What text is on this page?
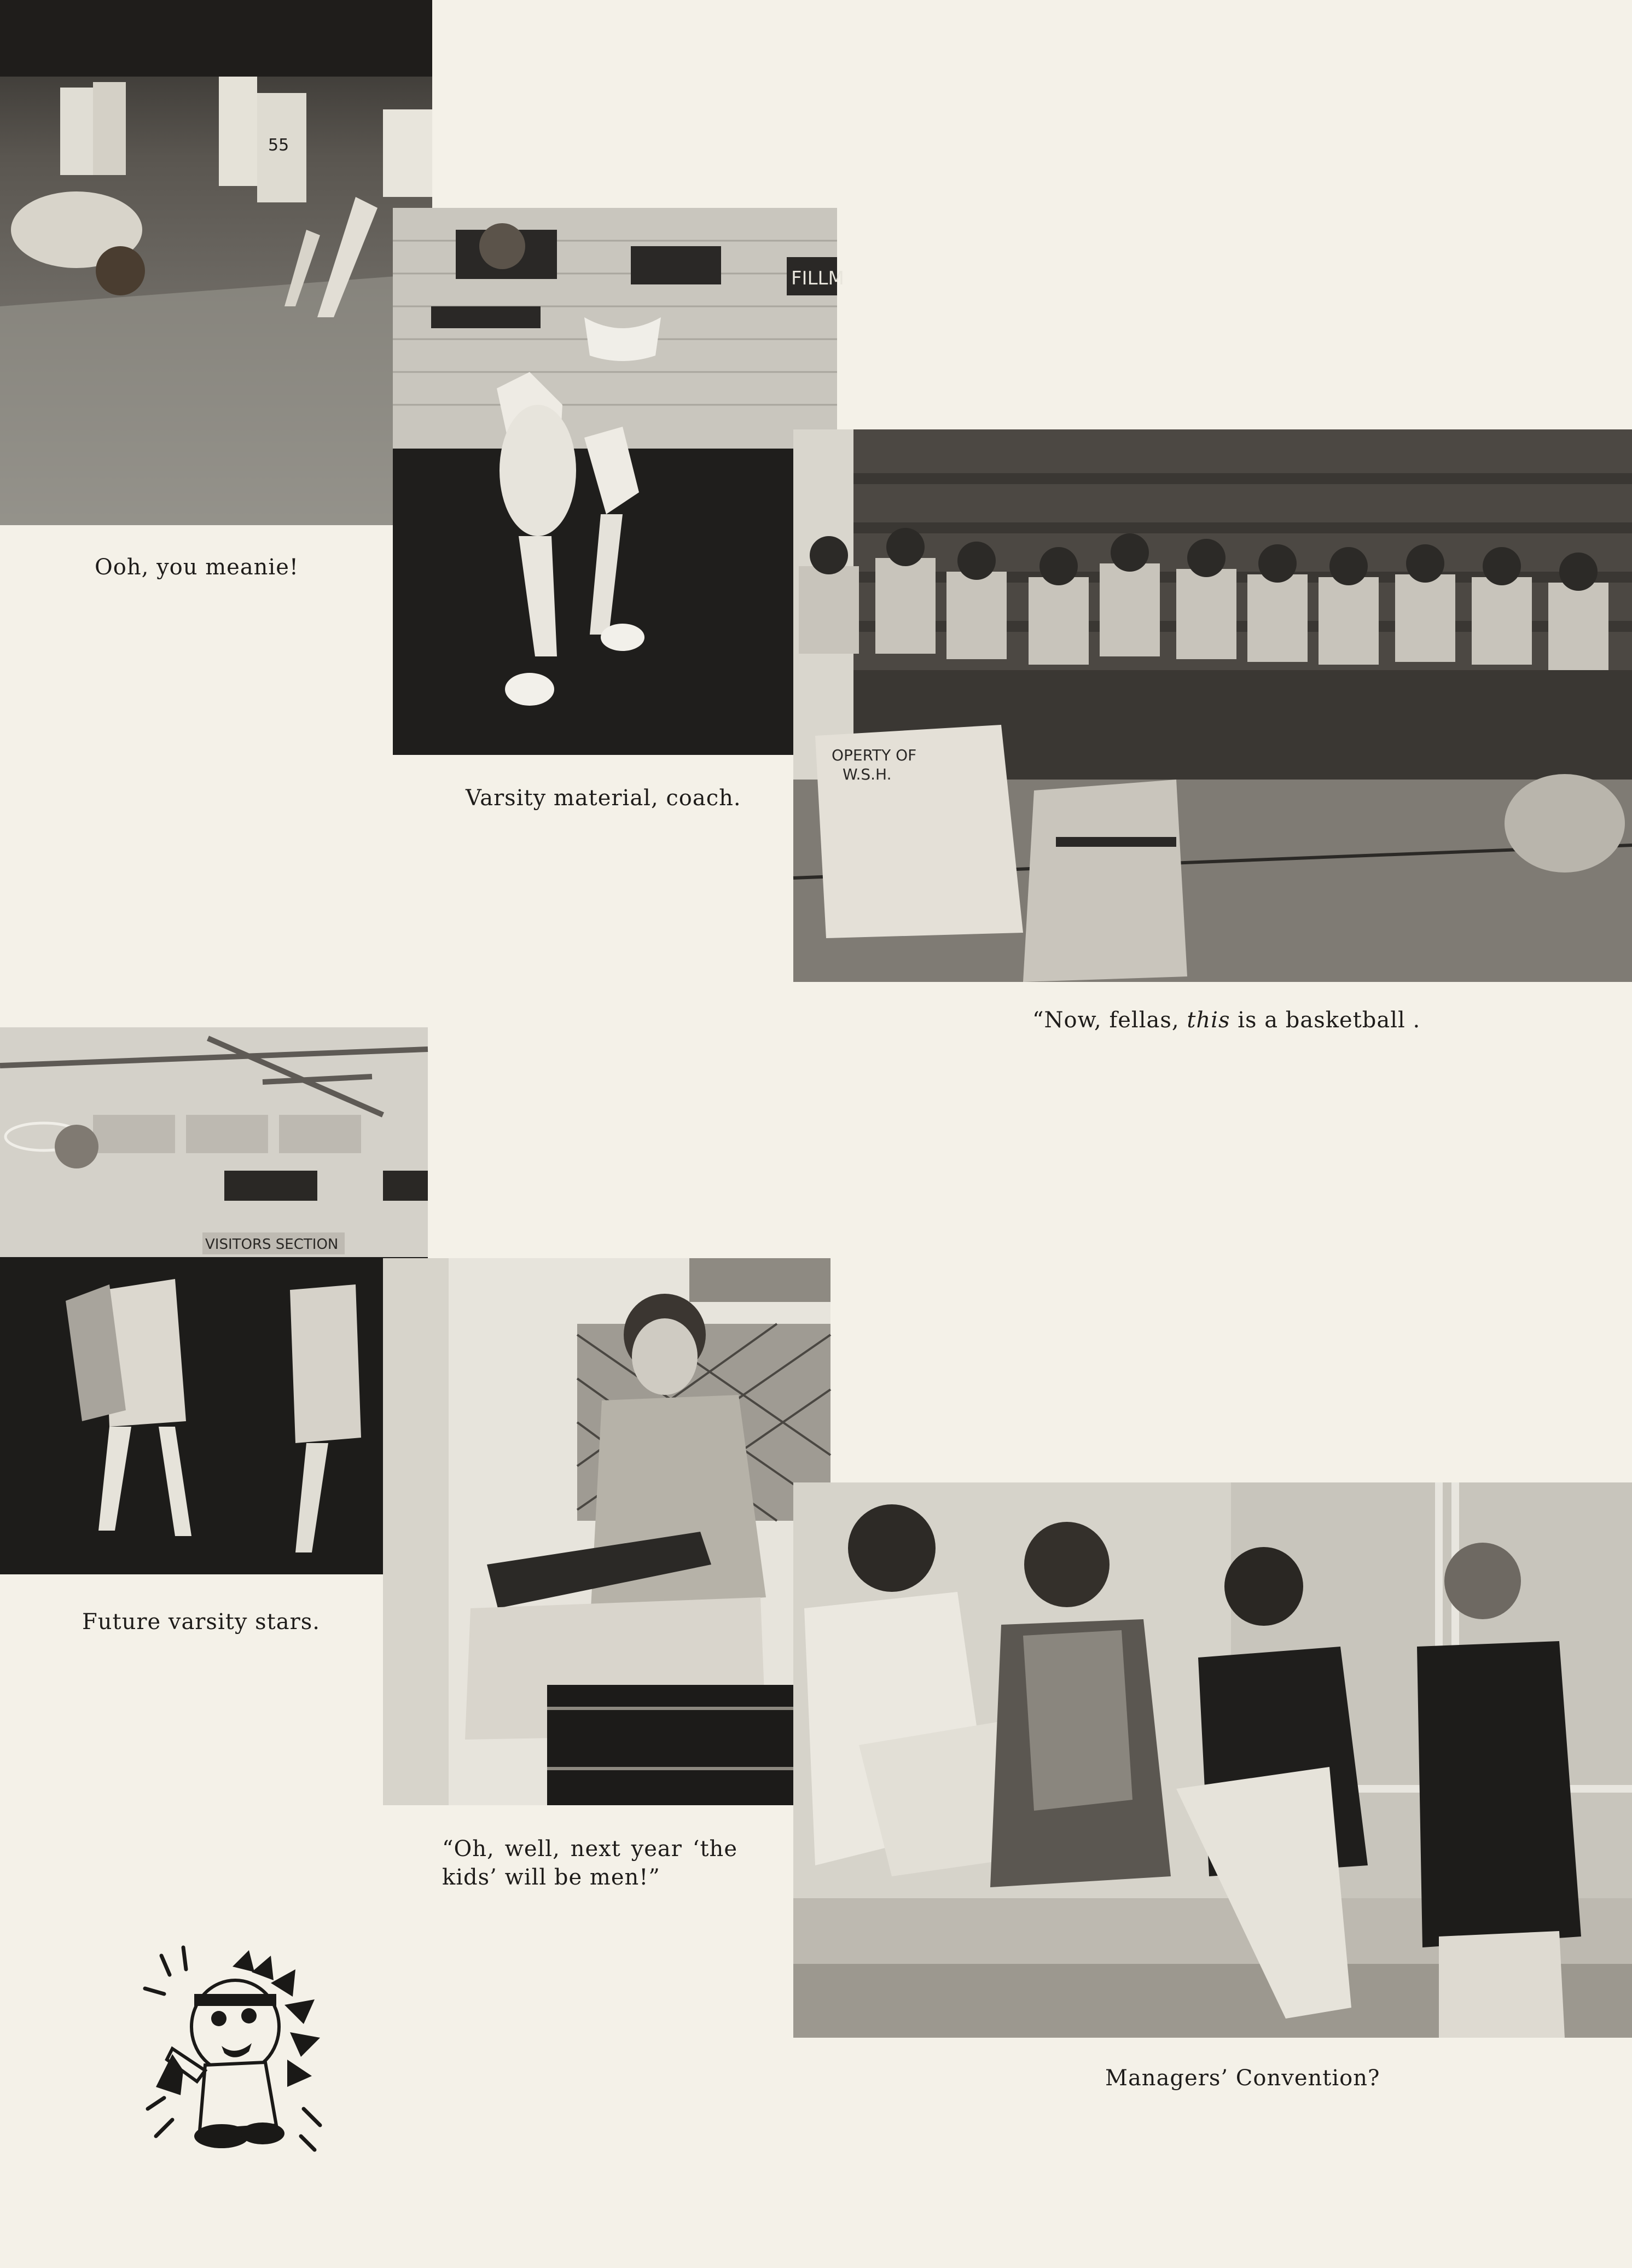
55
Ooh, you meanie!
FILLM
Varsity material, coach.
OPERTY OF
W.S.H.
“Now, fellas, this is a basketball .
VISITORS SECTION
Future varsity stars.
“Oh, well, next year ‘the kids’ will be men!”
Managers’ Convention?
